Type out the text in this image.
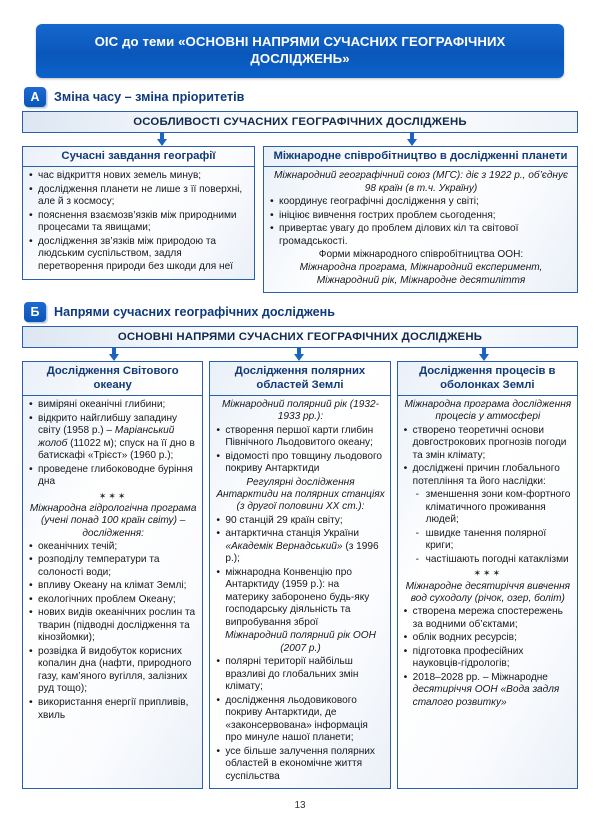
ОІС до теми «ОСНОВНІ НАПРЯМИ СУЧАСНИХ ГЕОГРАФІЧНИХ ДОСЛІДЖЕНЬ»
А	Зміна часу – зміна пріоритетів
ОСОБЛИВОСТІ СУЧАСНИХ ГЕОГРАФІЧНИХ ДОСЛІДЖЕНЬ
Сучасні завдання географії
• час відкриття нових земель минув;
• дослідження планети не лише з її поверхні, але й з космосу;
• пояснення взаємозв’язків між природними процесами та явищами;
• дослідження зв’язків між природою та людським суспільством, задля перетворення природи без шкоди для неї
Міжнародне співробітництво в дослідженні планети
Міжнародний географічний союз (МГС): діє з 1922 р., об’єднує 98 країн (в т.ч. Україну)
• координує географічні дослідження у світі;
• ініціює вивчення гострих проблем сьогодення;
• привертає увагу до проблем ділових кіл та світової громадськості.
Форми міжнародного співробітництва ООН:
Міжнародна програма, Міжнародний експеримент, Міжнародний рік, Міжнародне десятиліття
Б	Напрями сучасних географічних досліджень
ОСНОВНІ НАПРЯМИ СУЧАСНИХ ГЕОГРАФІЧНИХ ДОСЛІДЖЕНЬ
Дослідження Світового океану
• виміряні океанічні глибини;
• відкрито найглибшу западину світу (1958 р.) – Маріанський жолоб (11022 м); спуск на її дно в батискафі «Трієст» (1960 р.);
• проведене глибоководне буріння дна
✶✶✶
Міжнародна гідрологічна програма (учені понад 100 країн світу) – дослідження:
• океанічних течій;
• розподілу температури та солоності води;
• впливу Океану на клімат Землі;
• екологічних проблем Океану;
• нових видів океанічних рослин та тварин (підводні дослідження та кінозйомки);
• розвідка й видобуток корисних копалин дна (нафти, природного газу, кам’яного вугілля, залізних руд тощо);
• використання енергії припливів, хвиль
Дослідження полярних областей Землі
Міжнародний полярний рік (1932-1933 рр.):
• створення першої карти глибин Північного Льодовитого океану;
• відомості про товщину льодового покриву Антарктиди
Регулярні дослідження Антарктиди на полярних станціях (з другої половини XX ст.):
• 90 станцій 29 країн світу;
• антарктична станція України «Академік Вернадський» (з 1996 р.);
• міжнародна Конвенцію про Антарктиду (1959 р.): на материку заборонено будь-яку господарську діяльність та випробування зброї
Міжнародний полярний рік ООН (2007 р.)
• полярні території найбільш вразливі до глобальних змін клімату;
• дослідження льодовикового покриву Антарктиди, де «законсервована» інформація про минуле нашої планети;
• усе більше залучення полярних областей в економічне життя суспільства
Дослідження процесів в оболонках Землі
Міжнародна програма дослідження процесів у атмосфері
• створено теоретичні основи довгострокових прогнозів погоди та змін клімату;
• досліджені причин глобального потепління та його наслідки:
- зменшення зони ком-фортного кліматичного проживання людей;
- швидке танення полярної криги;
- частішають погодні катаклізми
✶✶✶
Міжнародне десятиріччя вивчення вод суходолу (річок, озер, боліт)
• створена мережа спостережень за водними об’єктами;
• облік водних ресурсів;
• підготовка професійних науковців-гідрологів;
• 2018–2028 рр. – Міжнародне десятиріччя ООН «Вода задля сталого розвитку»
13
